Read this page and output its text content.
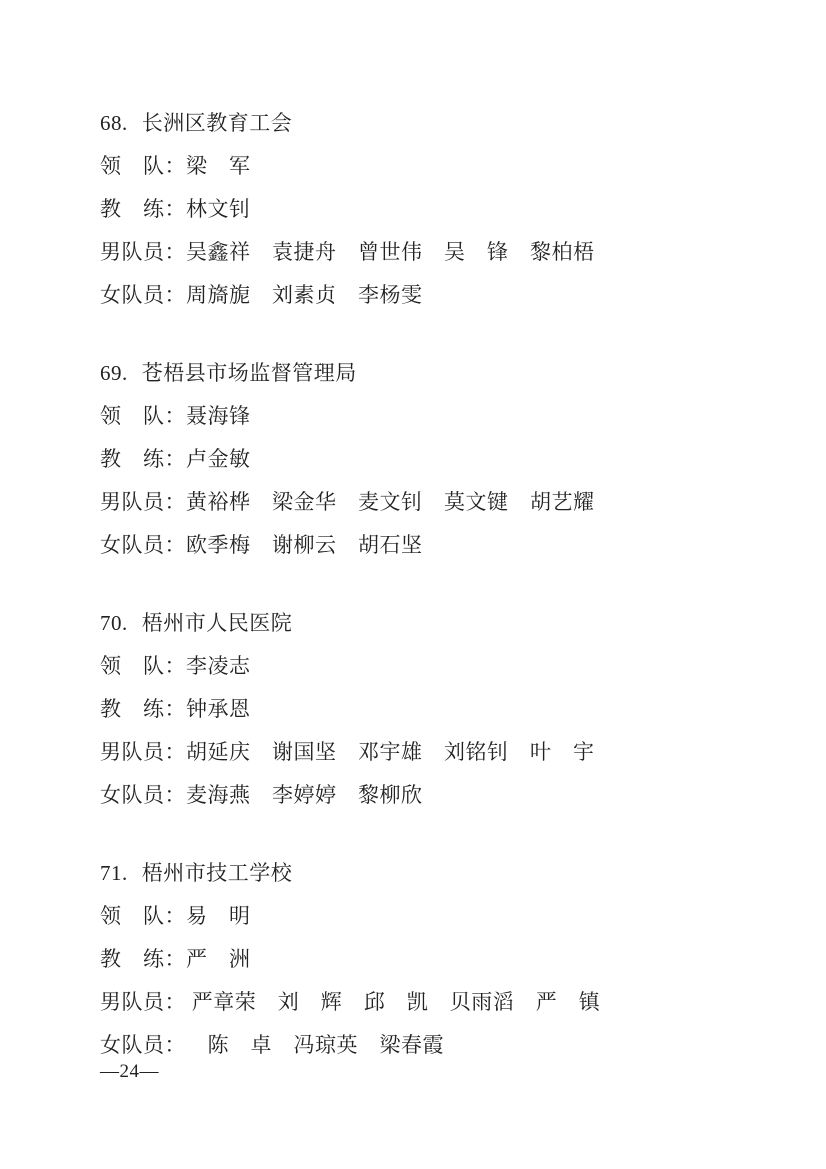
68. 长洲区教育工会
领　队： 梁　军
教　练： 林文钊
男队员： 吴鑫祥　袁捷舟　曾世伟　吴　锋　黎柏梧
女队员： 周旖旎　刘素贞　李杨雯
69. 苍梧县市场监督管理局
领　队： 聂海锋
教　练： 卢金敏
男队员： 黄裕桦　梁金华　麦文钊　莫文键　胡艺耀
女队员： 欧季梅　谢柳云　胡石坚
70. 梧州市人民医院
领　队： 李凌志
教　练： 钟承恩
男队员： 胡延庆　谢国坚　邓宇雄　刘铭钊　叶　宇
女队员： 麦海燕　李婷婷　黎柳欣
71. 梧州市技工学校
领　队： 易　明
教　练： 严　洲
男队员： 严章荣　刘　辉　邱　凯　贝雨滔　严　镇
女队员： 　陈　卓　冯琼英　梁春霞
—24—
